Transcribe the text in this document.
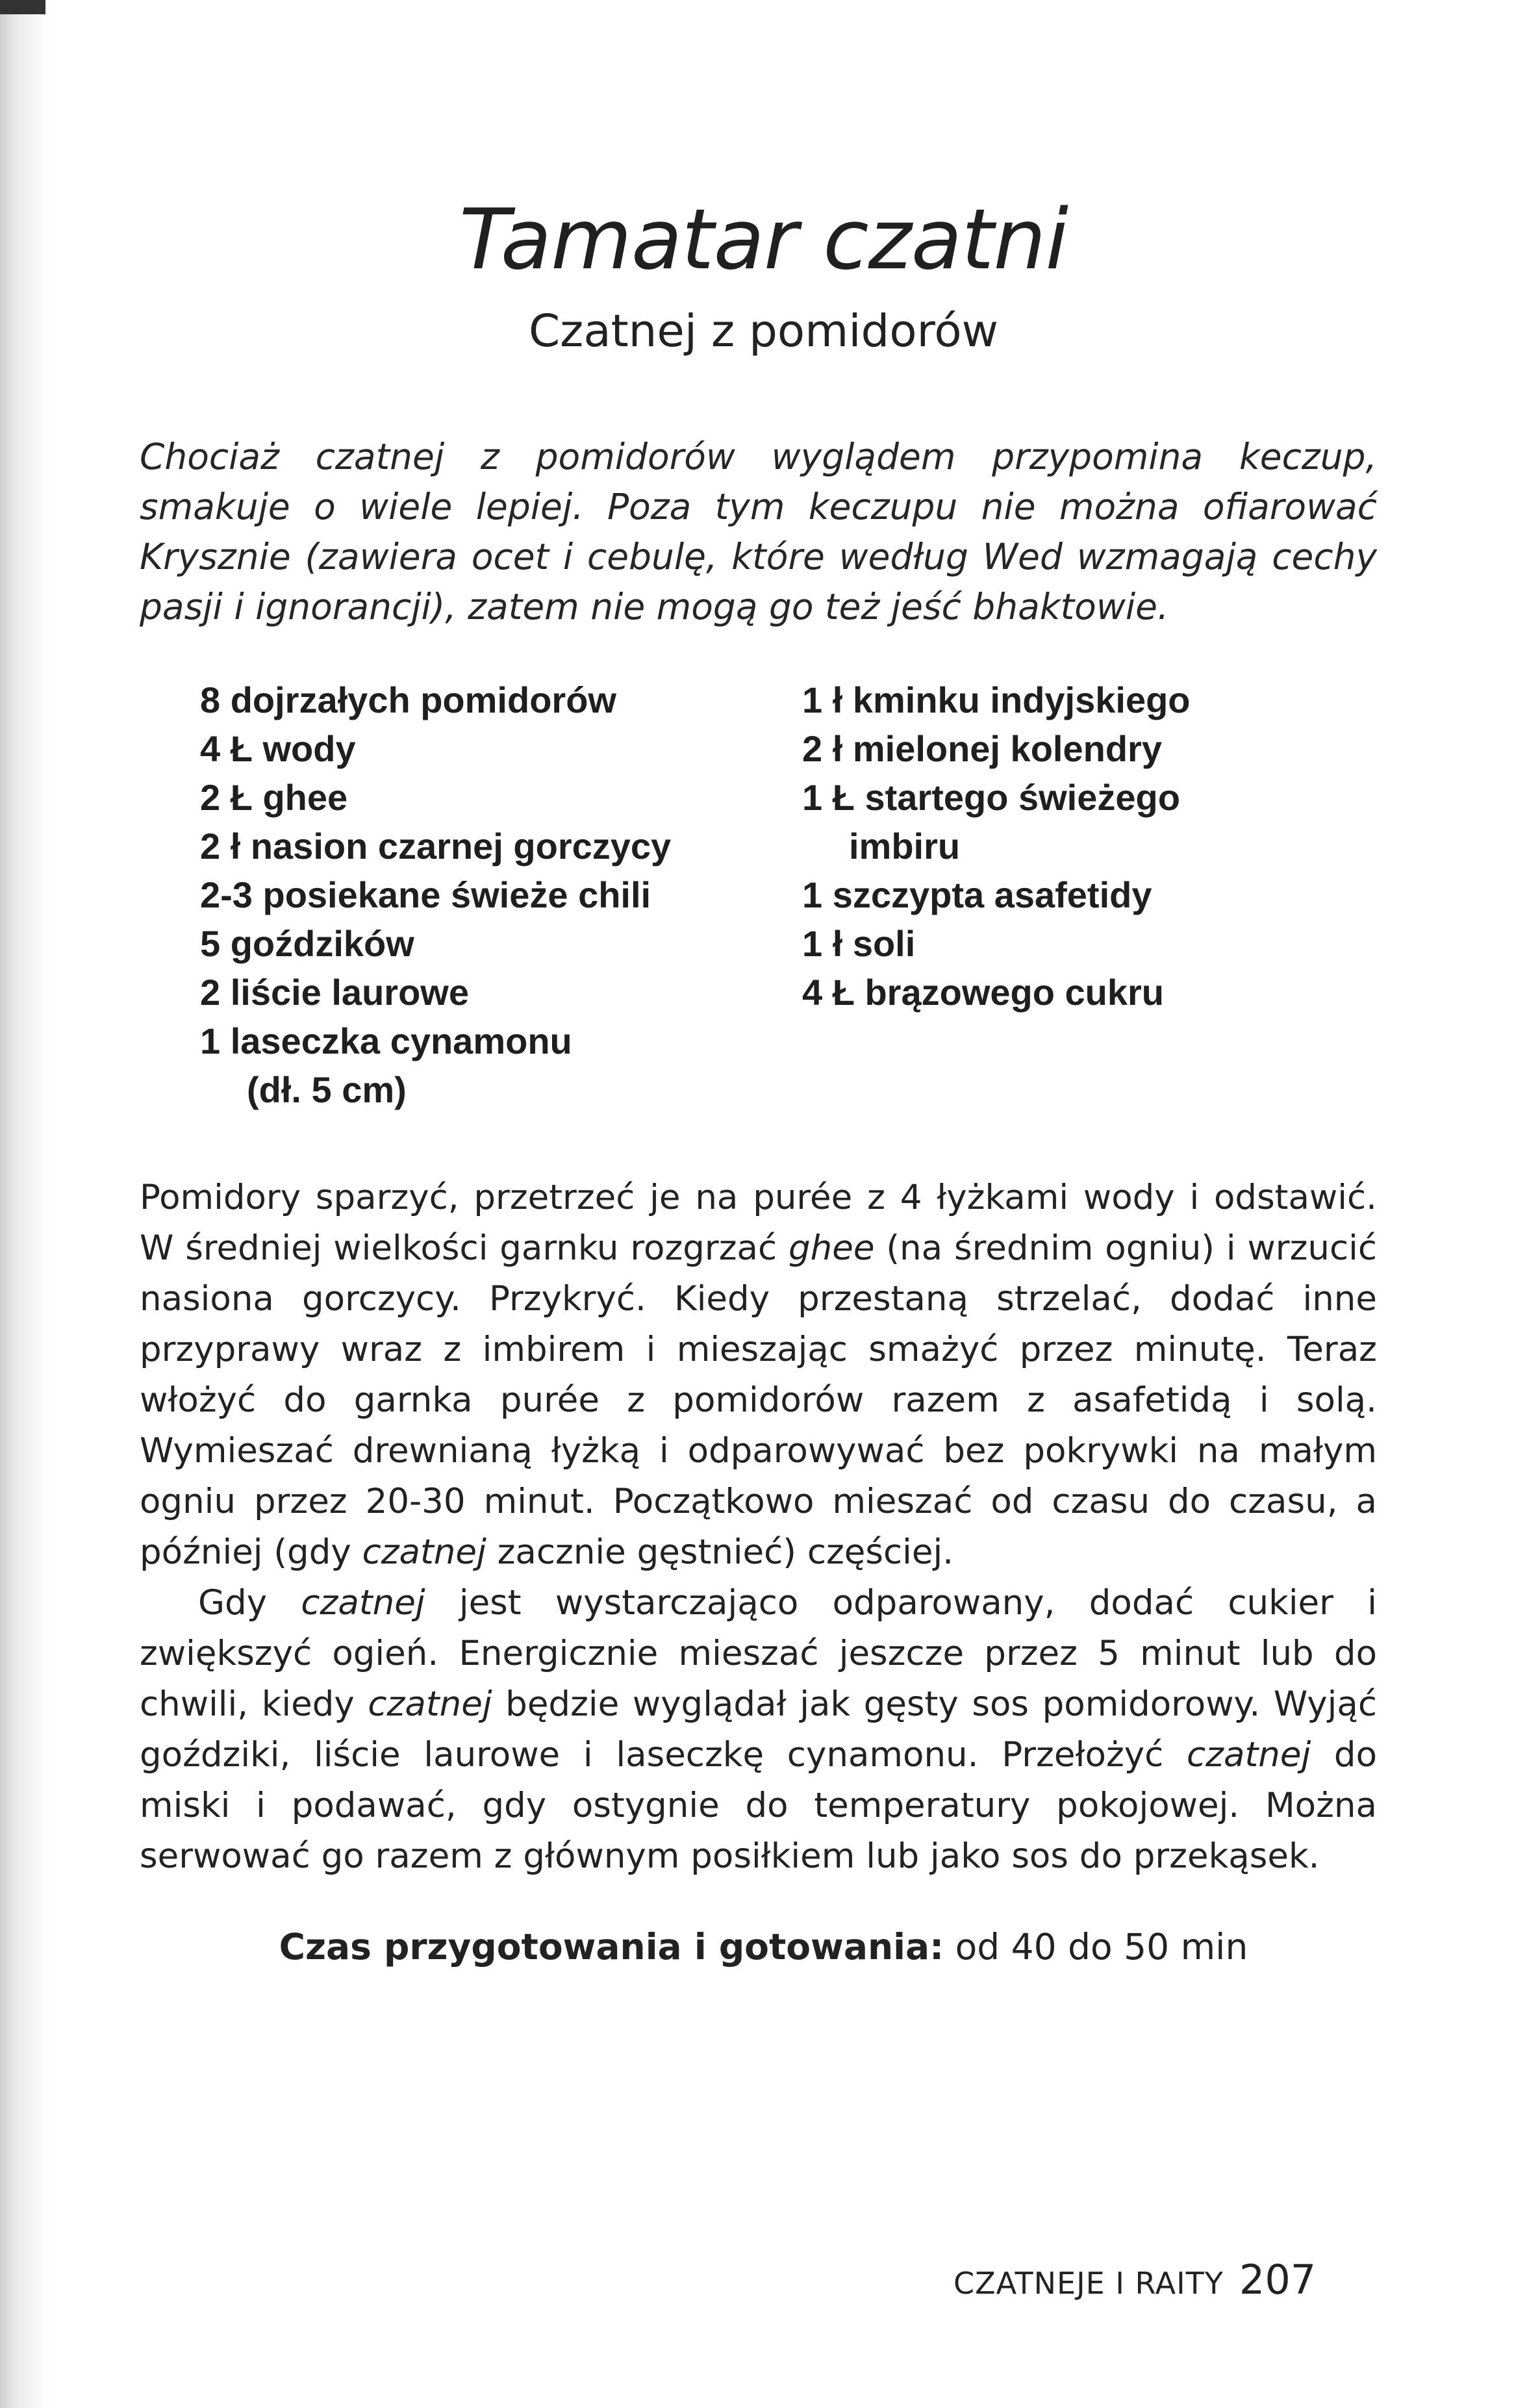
Tamatar czatni
Czatnej z pomidorów
Chociaż czatnej z pomidorów wyglądem przypomina keczup, smakuje o wiele lepiej. Poza tym keczupu nie można ofiarować Krysznie (zawiera ocet i cebulę, które według Wed wzmagają cechy pasji i ignorancji), zatem nie mogą go też jeść bhaktowie.
8 dojrzałych pomidorów
4 Ł wody
2 Ł ghee
2 ł nasion czarnej gorczycy
2-3 posiekane świeże chili
5 goździków
2 liście laurowe
1 laseczka cynamonu
(dł. 5 cm)
1 ł kminku indyjskiego
2 ł mielonej kolendry
1 Ł startego świeżego
imbiru
1 szczypta asafetidy
1 ł soli
4 Ł brązowego cukru

Pomidory sparzyć, przetrzeć je na purée z 4 łyżkami wody i odstawić. W średniej wielkości garnku rozgrzać ghee (na średnim ogniu) i wrzucić nasiona gorczycy. Przykryć. Kiedy przestaną strzelać, dodać inne przyprawy wraz z imbirem i mieszając smażyć przez minutę. Teraz włożyć do garnka purée z pomidorów razem z asafetidą i solą. Wymieszać drewnianą łyżką i odparowywać bez pokrywki na małym ogniu przez 20-30 minut. Początkowo mieszać od czasu do czasu, a później (gdy czatnej zacznie gęstnieć) częściej.

Gdy czatnej jest wystarczająco odparowany, dodać cukier i zwiększyć ogień. Energicznie mieszać jeszcze przez 5 minut lub do chwili, kiedy czatnej będzie wyglądał jak gęsty sos pomidorowy. Wyjąć goździki, liście laurowe i laseczkę cynamonu. Przełożyć czatnej do miski i podawać, gdy ostygnie do temperatury pokojowej. Można serwować go razem z głównym posiłkiem lub jako sos do przekąsek.

Czas przygotowania i gotowania: od 40 do 50 min
CZATNEJE I RAITY 207
